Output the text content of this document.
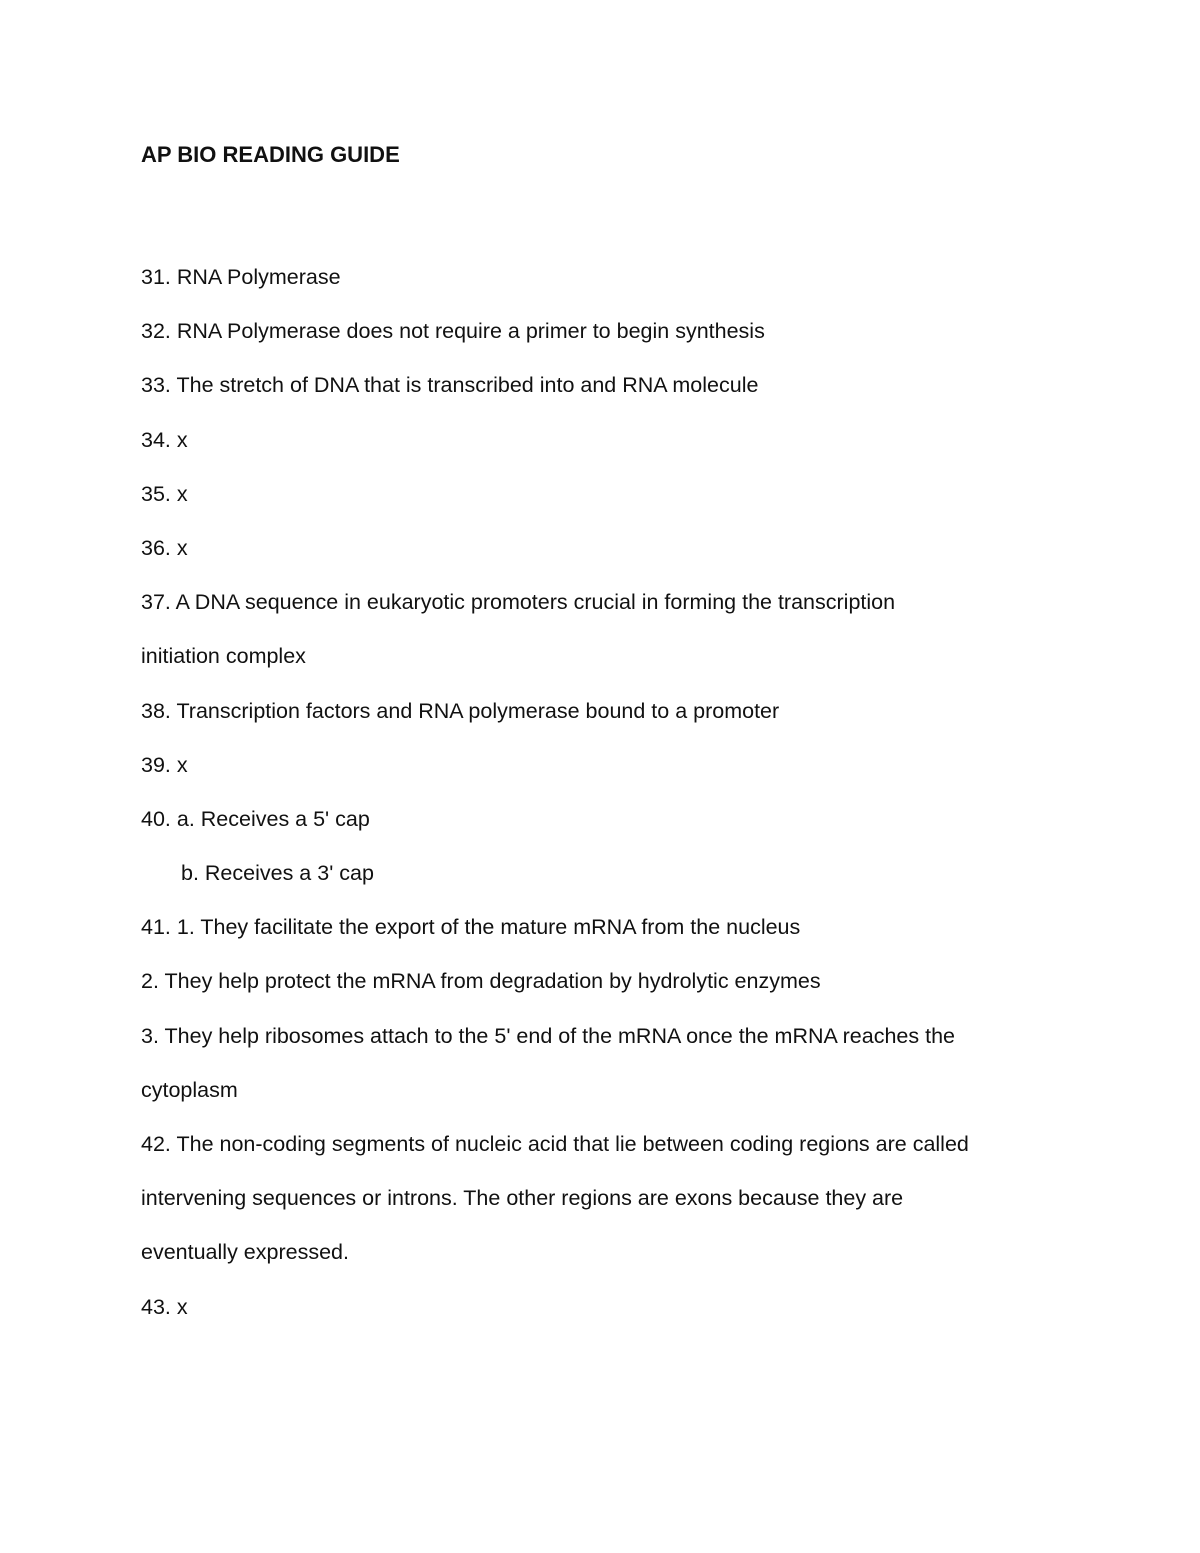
AP BIO READING GUIDE
31. RNA Polymerase
32. RNA Polymerase does not require a primer to begin synthesis
33. The stretch of DNA that is transcribed into and RNA molecule
34. x
35. x
36. x
37. A DNA sequence in eukaryotic promoters crucial in forming the transcription
initiation complex
38. Transcription factors and RNA polymerase bound to a promoter
39. x
40. a. Receives a 5' cap
b. Receives a 3' cap
41. 1. They facilitate the export of the mature mRNA from the nucleus
2. They help protect the mRNA from degradation by hydrolytic enzymes
3. They help ribosomes attach to the 5' end of the mRNA once the mRNA reaches the
cytoplasm
42. The non-coding segments of nucleic acid that lie between coding regions are called
intervening sequences or introns. The other regions are exons because they are
eventually expressed.
43. x
